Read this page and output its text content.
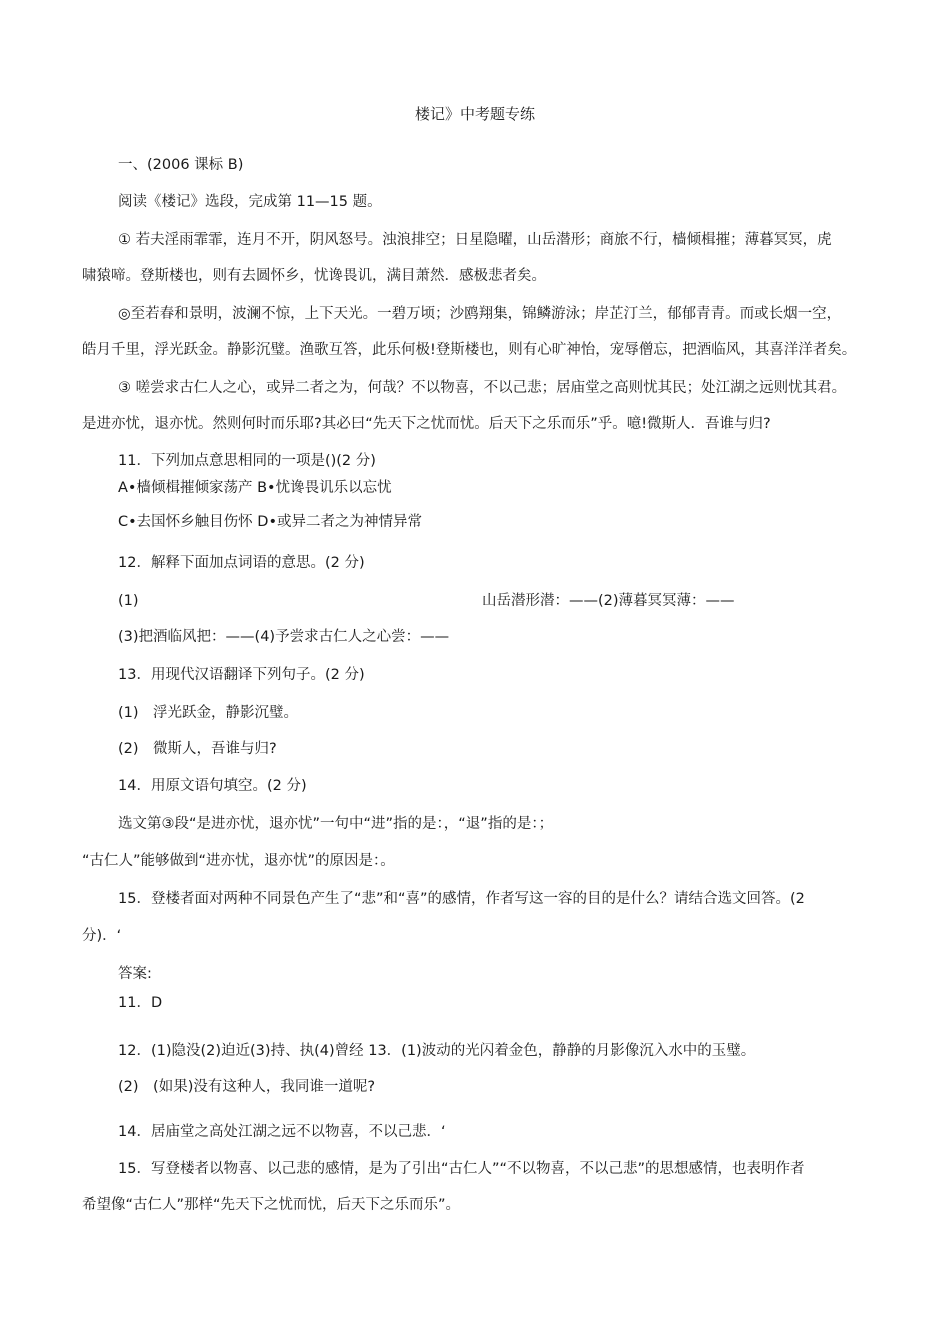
楼记》中考题专练
一、(2006 课标 B)
阅读《楼记》选段，完成第 11—15 题。
① 若夫淫雨霏霏，连月不开，阴风怒号。浊浪排空；日星隐曜，山岳潜形；商旅不行，樯倾楫摧；薄暮冥冥，虎
啸猿啼。登斯楼也，则有去圆怀乡，忧谗畏讥，满目萧然．感极悲者矣。
◎至若春和景明，波澜不惊，上下天光。一碧万顷；沙鸥翔集，锦鳞游泳；岸芷汀兰，郁郁青青。而或长烟一空，
皓月千里，浮光跃金。静影沉璧。渔歌互答，此乐何极!登斯楼也，则有心旷神怡，宠辱僧忘，把酒临风，其喜洋洋者矣。
③ 嗟尝求古仁人之心，或异二者之为，何哉？不以物喜，不以己悲；居庙堂之高则忧其民；处江湖之远则忧其君。
是进亦忧，退亦忧。然则何时而乐耶?其必曰“先天下之忧而忧。后天下之乐而乐”乎。噫!微斯人．吾谁与归?
11．下列加点意思相同的一项是()(2 分)
A•樯倾楫摧倾家荡产 B•忧谗畏讥乐以忘忧
C•去国怀乡触目伤怀 D•或异二者之为神情异常
12．解释下面加点词语的意思。(2 分)
(1)	山岳潜形潜：——(2)薄暮冥冥薄：——
(3)把酒临风把：——(4)予尝求古仁人之心尝：——
13．用现代汉语翻译下列句子。(2 分)
(1)　浮光跃金，静影沉璧。
(2)　微斯人，吾谁与归?
14．用原文语句填空。(2 分)
选文第③段“是进亦忧，退亦忧”一句中“进”指的是：，“退”指的是：；
“古仁人”能够做到“进亦忧，退亦忧”的原因是：。
15．登楼者面对两种不同景色产生了“悲”和“喜”的感情，作者写这一容的目的是什么？请结合选文回答。(2
分)．‘
答案:
11．D
12．(1)隐没(2)迫近(3)持、执(4)曾经 13．(1)波动的光闪着金色，静静的月影像沉入水中的玉璧。
(2)　(如果)没有这种人，我同谁一道呢?
14．居庙堂之高处江湖之远不以物喜，不以己悲．‘
15．写登楼者以物喜、以己悲的感情，是为了引出“古仁人”“不以物喜，不以己悲”的思想感情，也表明作者
希望像“古仁人”那样“先天下之忧而忧，后天下之乐而乐”。
